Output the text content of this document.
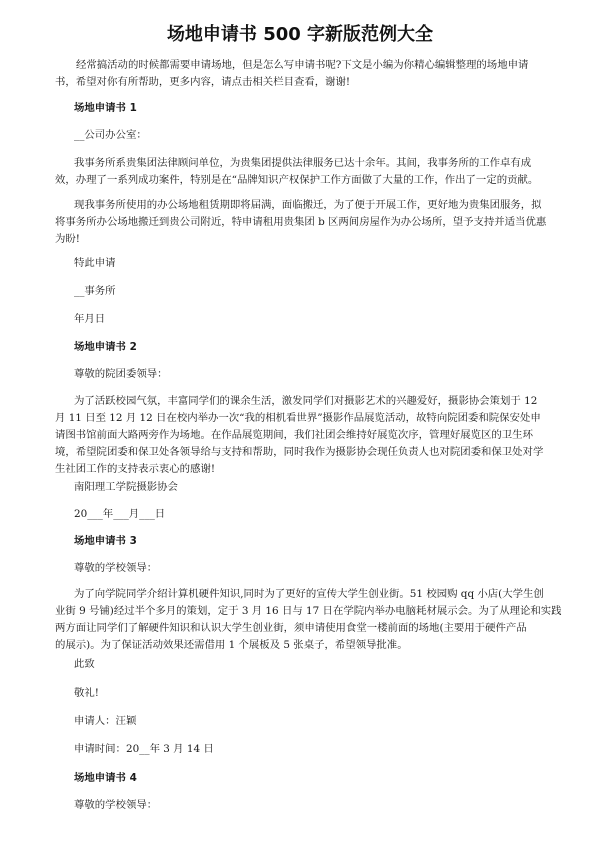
场地申请书 500 字新版范例大全
经常搞活动的时候都需要申请场地，但是怎么写申请书呢?下文是小编为你精心编辑整理的场地申请
书，希望对你有所帮助，更多内容，请点击相关栏目查看，谢谢!
场地申请书 1
__公司办公室：
我事务所系贵集团法律顾问单位，为贵集团提供法律服务已达十余年。其间，我事务所的工作卓有成
效，办理了一系列成功案件，特别是在“品牌知识产权保护工作方面做了大量的工作，作出了一定的贡献。
现我事务所使用的办公场地租赁期即将届满，面临搬迁，为了便于开展工作，更好地为贵集团服务，拟
将事务所办公场地搬迁到贵公司附近，特申请租用贵集团 b 区两间房屋作为办公场所，望予支持并适当优惠
为盼!
特此申请
__事务所
年月日
场地申请书 2
尊敬的院团委领导：
为了活跃校园气氛，丰富同学们的课余生活，激发同学们对摄影艺术的兴趣爱好，摄影协会策划于 12
月 11 日至 12 月 12 日在校内举办一次“我的相机看世界”摄影作品展览活动，故特向院团委和院保安处申
请图书馆前面大路两旁作为场地。在作品展览期间，我们社团会维持好展览次序，管理好展览区的卫生环
境，希望院团委和保卫处各领导给与支持和帮助，同时我作为摄影协会现任负责人也对院团委和保卫处对学
生社团工作的支持表示衷心的感谢!
南阳理工学院摄影协会
20___年___月___日
场地申请书 3
尊敬的学校领导：
为了向学院同学介绍计算机硬件知识,同时为了更好的宣传大学生创业街。51 校园购 qq 小店(大学生创
业街 9 号铺)经过半个多月的策划，定于 3 月 16 日与 17 日在学院内举办电脑耗材展示会。为了从理论和实践
两方面让同学们了解硬件知识和认识大学生创业街，须申请使用食堂一楼前面的场地(主要用于硬件产品
的展示)。为了保证活动效果还需借用 1 个展板及 5 张桌子，希望领导批准。
此致
敬礼!
申请人：汪颖
申请时间：20__年 3 月 14 日
场地申请书 4
尊敬的学校领导：
